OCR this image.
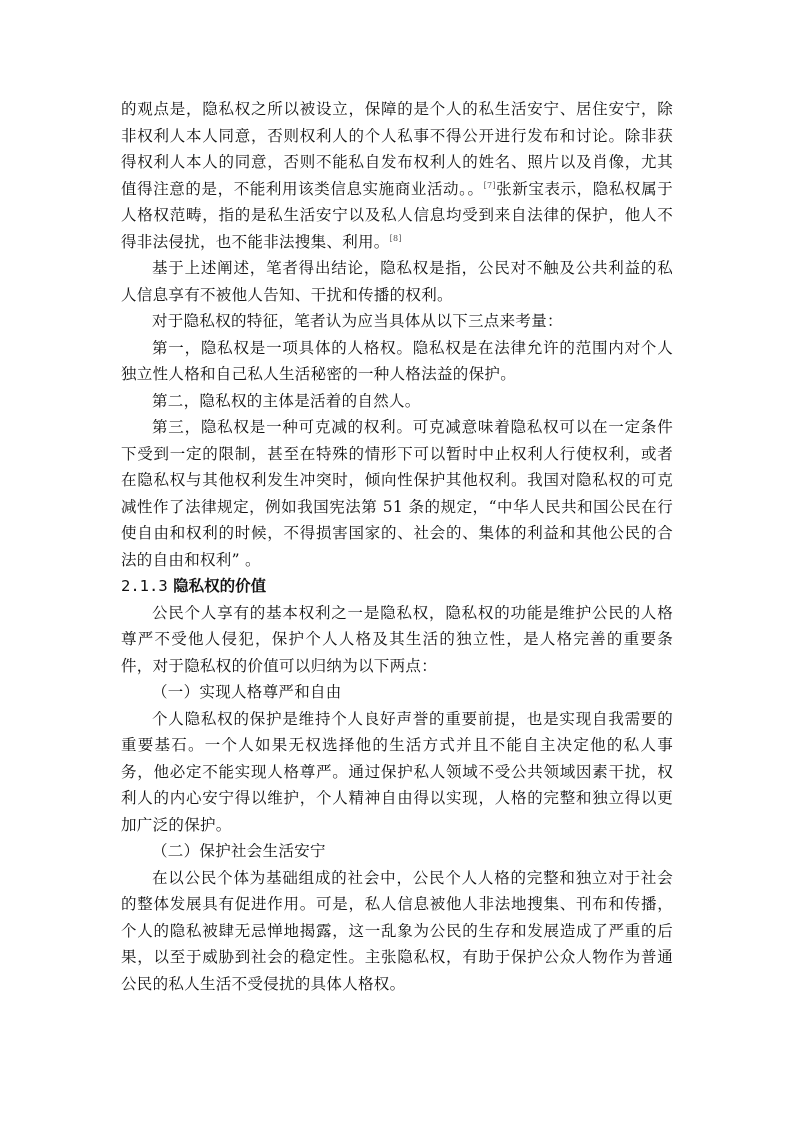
的观点是，隐私权之所以被设立，保障的是个人的私生活安宁、居住安宁，除非权利人本人同意，否则权利人的个人私事不得公开进行发布和讨论。除非获得权利人本人的同意，否则不能私自发布权利人的姓名、照片以及肖像，尤其值得注意的是，不能利用该类信息实施商业活动。。[7]张新宝表示，隐私权属于人格权范畴，指的是私生活安宁以及私人信息均受到来自法律的保护，他人不得非法侵扰，也不能非法搜集、利用。[8]

基于上述阐述，笔者得出结论，隐私权是指，公民对不触及公共利益的私人信息享有不被他人告知、干扰和传播的权利。

对于隐私权的特征，笔者认为应当具体从以下三点来考量：

第一，隐私权是一项具体的人格权。隐私权是在法律允许的范围内对个人独立性人格和自己私人生活秘密的一种人格法益的保护。

第二，隐私权的主体是活着的自然人。

第三，隐私权是一种可克减的权利。可克减意味着隐私权可以在一定条件下受到一定的限制，甚至在特殊的情形下可以暂时中止权利人行使权利，或者在隐私权与其他权利发生冲突时，倾向性保护其他权利。我国对隐私权的可克减性作了法律规定，例如我国宪法第 51 条的规定，“中华人民共和国公民在行使自由和权利的时候，不得损害国家的、社会的、集体的利益和其他公民的合法的自由和权利” 。

2.1.3 隐私权的价值

公民个人享有的基本权利之一是隐私权，隐私权的功能是维护公民的人格尊严不受他人侵犯，保护个人人格及其生活的独立性，是人格完善的重要条件，对于隐私权的价值可以归纳为以下两点：

（一）实现人格尊严和自由

个人隐私权的保护是维持个人良好声誉的重要前提，也是实现自我需要的重要基石。一个人如果无权选择他的生活方式并且不能自主决定他的私人事务，他必定不能实现人格尊严。通过保护私人领域不受公共领域因素干扰，权利人的内心安宁得以维护，个人精神自由得以实现，人格的完整和独立得以更加广泛的保护。

（二）保护社会生活安宁

在以公民个体为基础组成的社会中，公民个人人格的完整和独立对于社会的整体发展具有促进作用。可是，私人信息被他人非法地搜集、刊布和传播，个人的隐私被肆无忌惮地揭露，这一乱象为公民的生存和发展造成了严重的后果，以至于威胁到社会的稳定性。主张隐私权，有助于保护公众人物作为普通公民的私人生活不受侵扰的具体人格权。
